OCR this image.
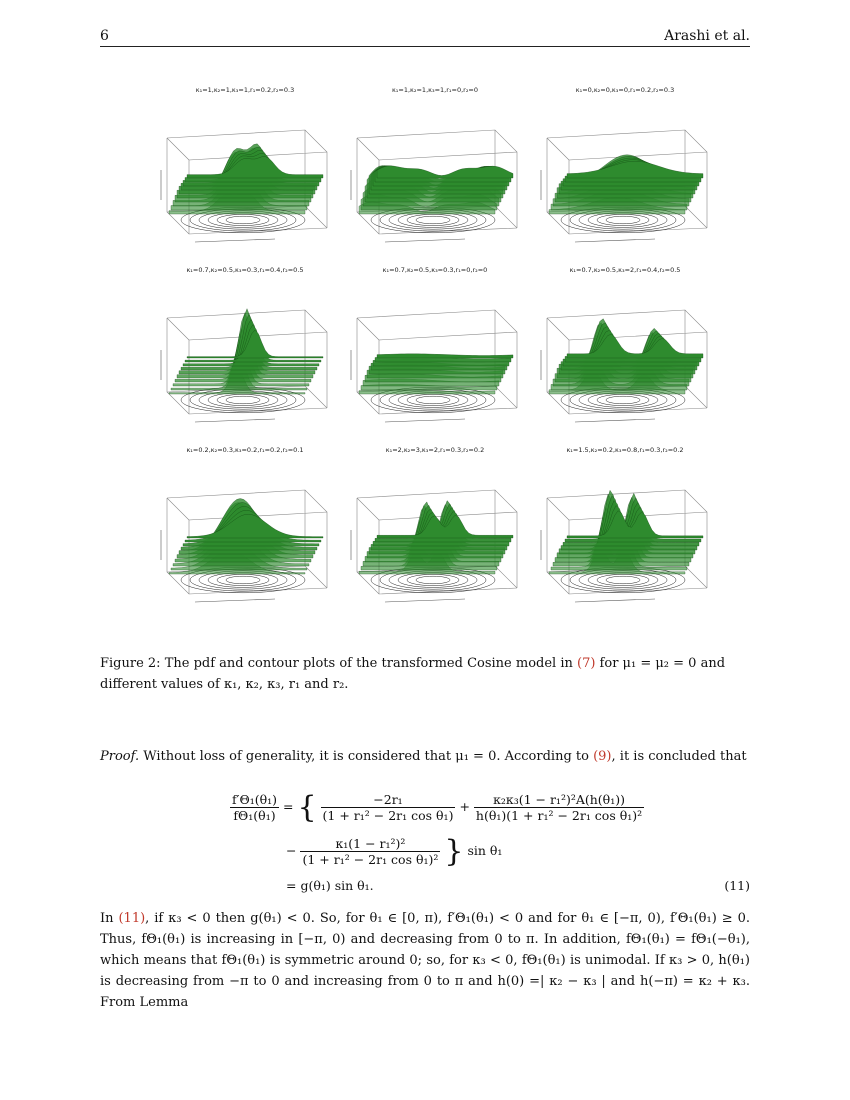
6	Arashi et al.
κ₁=1,κ₂=1,κ₃=1,r₁=0.2,r₂=0.3	κ₁=1,κ₂=1,κ₃=1,r₁=0,r₂=0	κ₁=0,κ₂=0,κ₃=0,r₁=0.2,r₂=0.3
κ₁=0.7,κ₂=0.5,κ₃=0.3,r₁=0.4,r₂=0.5	κ₁=0.7,κ₂=0.5,κ₃=0.3,r₁=0,r₂=0	κ₁=0.7,κ₂=0.5,κ₃=2,r₁=0.4,r₂=0.5
κ₁=0.2,κ₂=0.3,κ₃=0.2,r₁=0.2,r₂=0.1	κ₁=2,κ₂=3,κ₃=2,r₁=0.3,r₂=0.2	κ₁=1.5,κ₂=0.2,κ₃=0.8,r₁=0.3,r₂=0.2
Figure 2: The pdf and contour plots of the transformed Cosine model in (7) for μ₁ = μ₂ = 0 and different values of κ₁, κ₂, κ₃, r₁ and r₂.
Proof. Without loss of generality, it is considered that μ₁ = 0. According to (9), it is concluded that
$\frac{\text{f′Θ₁(θ₁)}}{\text{fΘ₁(θ₁)}}$ = { $\frac{\text{−2r₁}}{\text{(1 + r₁² − 2r₁ cos θ₁)}} + \frac{\text{κ₂κ₃(1 − r₁²)²A(h(θ₁))}}{\text{h(θ₁)(1 + r₁² − 2r₁ cos θ₁)²}}$
− $\frac{\text{κ₁(1 − r₁²)²}}{\text{(1 + r₁² − 2r₁ cos θ₁)²}}$ } sin θ₁
= g(θ₁) sin θ₁.	(11)
In (11), if κ₃ < 0 then g(θ₁) < 0. So, for θ₁ ∈ [0, π), f′Θ₁(θ₁) < 0 and for θ₁ ∈ [−π, 0), f′Θ₁(θ₁) ≥ 0. Thus, fΘ₁(θ₁) is increasing in [−π, 0) and decreasing from 0 to π. In addition, fΘ₁(θ₁) = fΘ₁(−θ₁), which means that fΘ₁(θ₁) is symmetric around 0; so, for κ₃ < 0, fΘ₁(θ₁) is unimodal. If κ₃ > 0, h(θ₁) is decreasing from −π to 0 and increasing from 0 to π and h(0) =| κ₂ − κ₃ | and h(−π) = κ₂ + κ₃. From Lemma
